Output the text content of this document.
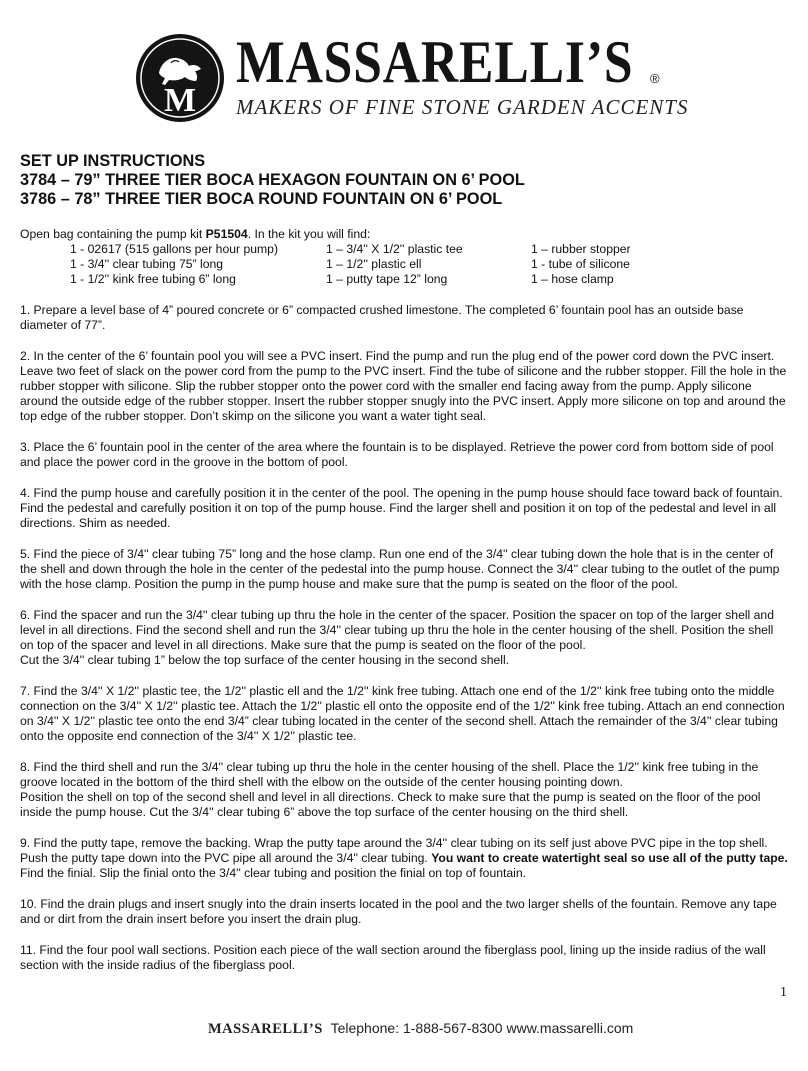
M
MASSARELLI’S ®
MAKERS OF FINE STONE GARDEN ACCENTS
SET UP INSTRUCTIONS
3784 – 79” THREE TIER BOCA HEXAGON FOUNTAIN ON 6’ POOL
3786 – 78” THREE TIER BOCA ROUND FOUNTAIN ON 6’ POOL

Open bag containing the pump kit P51504. In the kit you will find:

1 - 02617 (515 gallons per hour pump)	1 – 3/4'' X 1/2'' plastic tee	1 – rubber stopper
1 - 3/4'' clear tubing 75” long	1 – 1/2'' plastic ell	1 - tube of silicone
1 - 1/2'' kink free tubing 6” long	1 – putty tape 12” long	1 – hose clamp

1. Prepare a level base of 4” poured concrete or 6” compacted crushed limestone. The completed 6’ fountain pool has an outside base diameter of 77”.

2. In the center of the 6’ fountain pool you will see a PVC insert. Find the pump and run the plug end of the power cord down the PVC insert. Leave two feet of slack on the power cord from the pump to the PVC insert. Find the tube of silicone and the rubber stopper. Fill the hole in the rubber stopper with silicone. Slip the rubber stopper onto the power cord with the smaller end facing away from the pump. Apply silicone around the outside edge of the rubber stopper. Insert the rubber stopper snugly into the PVC insert. Apply more silicone on top and around the top edge of the rubber stopper. Don’t skimp on the silicone you want a water tight seal.

3. Place the 6’ fountain pool in the center of the area where the fountain is to be displayed. Retrieve the power cord from bottom side of pool and place the power cord in the groove in the bottom of pool.

4. Find the pump house and carefully position it in the center of the pool. The opening in the pump house should face toward back of fountain. Find the pedestal and carefully position it on top of the pump house. Find the larger shell and position it on top of the pedestal and level in all directions. Shim as needed.

5. Find the piece of 3/4'' clear tubing 75” long and the hose clamp. Run one end of the 3/4'' clear tubing down the hole that is in the center of the shell and down through the hole in the center of the pedestal into the pump house. Connect the 3/4'' clear tubing to the outlet of the pump with the hose clamp. Position the pump in the pump house and make sure that the pump is seated on the floor of the pool.

6. Find the spacer and run the 3/4'' clear tubing up thru the hole in the center of the spacer. Position the spacer on top of the larger shell and level in all directions. Find the second shell and run the 3/4'' clear tubing up thru the hole in the center housing of the shell. Position the shell on top of the spacer and level in all directions. Make sure that the pump is seated on the floor of the pool.
Cut the 3/4'' clear tubing 1” below the top surface of the center housing in the second shell.

7. Find the 3/4'' X 1/2'' plastic tee, the 1/2'' plastic ell and the 1/2'' kink free tubing. Attach one end of the 1/2'' kink free tubing onto the middle connection on the 3/4'' X 1/2'' plastic tee. Attach the 1/2'' plastic ell onto the opposite end of the 1/2'' kink free tubing. Attach an end connection on 3/4'' X 1/2'' plastic tee onto the end 3/4” clear tubing located in the center of the second shell. Attach the remainder of the 3/4'' clear tubing onto the opposite end connection of the 3/4'' X 1/2'' plastic tee.

8. Find the third shell and run the 3/4'' clear tubing up thru the hole in the center housing of the shell. Place the 1/2'' kink free tubing in the groove located in the bottom of the third shell with the elbow on the outside of the center housing pointing down.
Position the shell on top of the second shell and level in all directions. Check to make sure that the pump is seated on the floor of the pool inside the pump house. Cut the 3/4'' clear tubing 6” above the top surface of the center housing on the third shell.

9. Find the putty tape, remove the backing. Wrap the putty tape around the 3/4'' clear tubing on its self just above PVC pipe in the top shell. Push the putty tape down into the PVC pipe all around the 3/4'' clear tubing. You want to create watertight seal so use all of the putty tape. Find the finial. Slip the finial onto the 3/4'' clear tubing and position the finial on top of fountain.

10. Find the drain plugs and insert snugly into the drain inserts located in the pool and the two larger shells of the fountain. Remove any tape and or dirt from the drain insert before you insert the drain plug.

11. Find the four pool wall sections. Position each piece of the wall section around the fiberglass pool, lining up the inside radius of the wall section with the inside radius of the fiberglass pool.

1
MASSARELLI’S Telephone: 1-888-567-8300 www.massarelli.com
